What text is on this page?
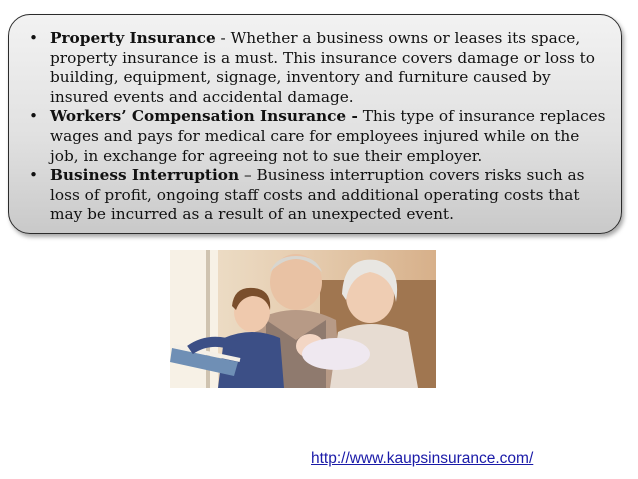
• Property Insurance - Whether a business owns or leases its space, property insurance is a must. This insurance covers damage or loss to building, equipment, signage, inventory and furniture caused by insured events and accidental damage.
• Workers’ Compensation Insurance - This type of insurance replaces wages and pays for medical care for employees injured while on the job, in exchange for agreeing not to sue their employer.
• Business Interruption – Business interruption covers risks such as loss of profit, ongoing staff costs and additional operating costs that may be incurred as a result of an unexpected event.
http://www.kaupsinsurance.com/
